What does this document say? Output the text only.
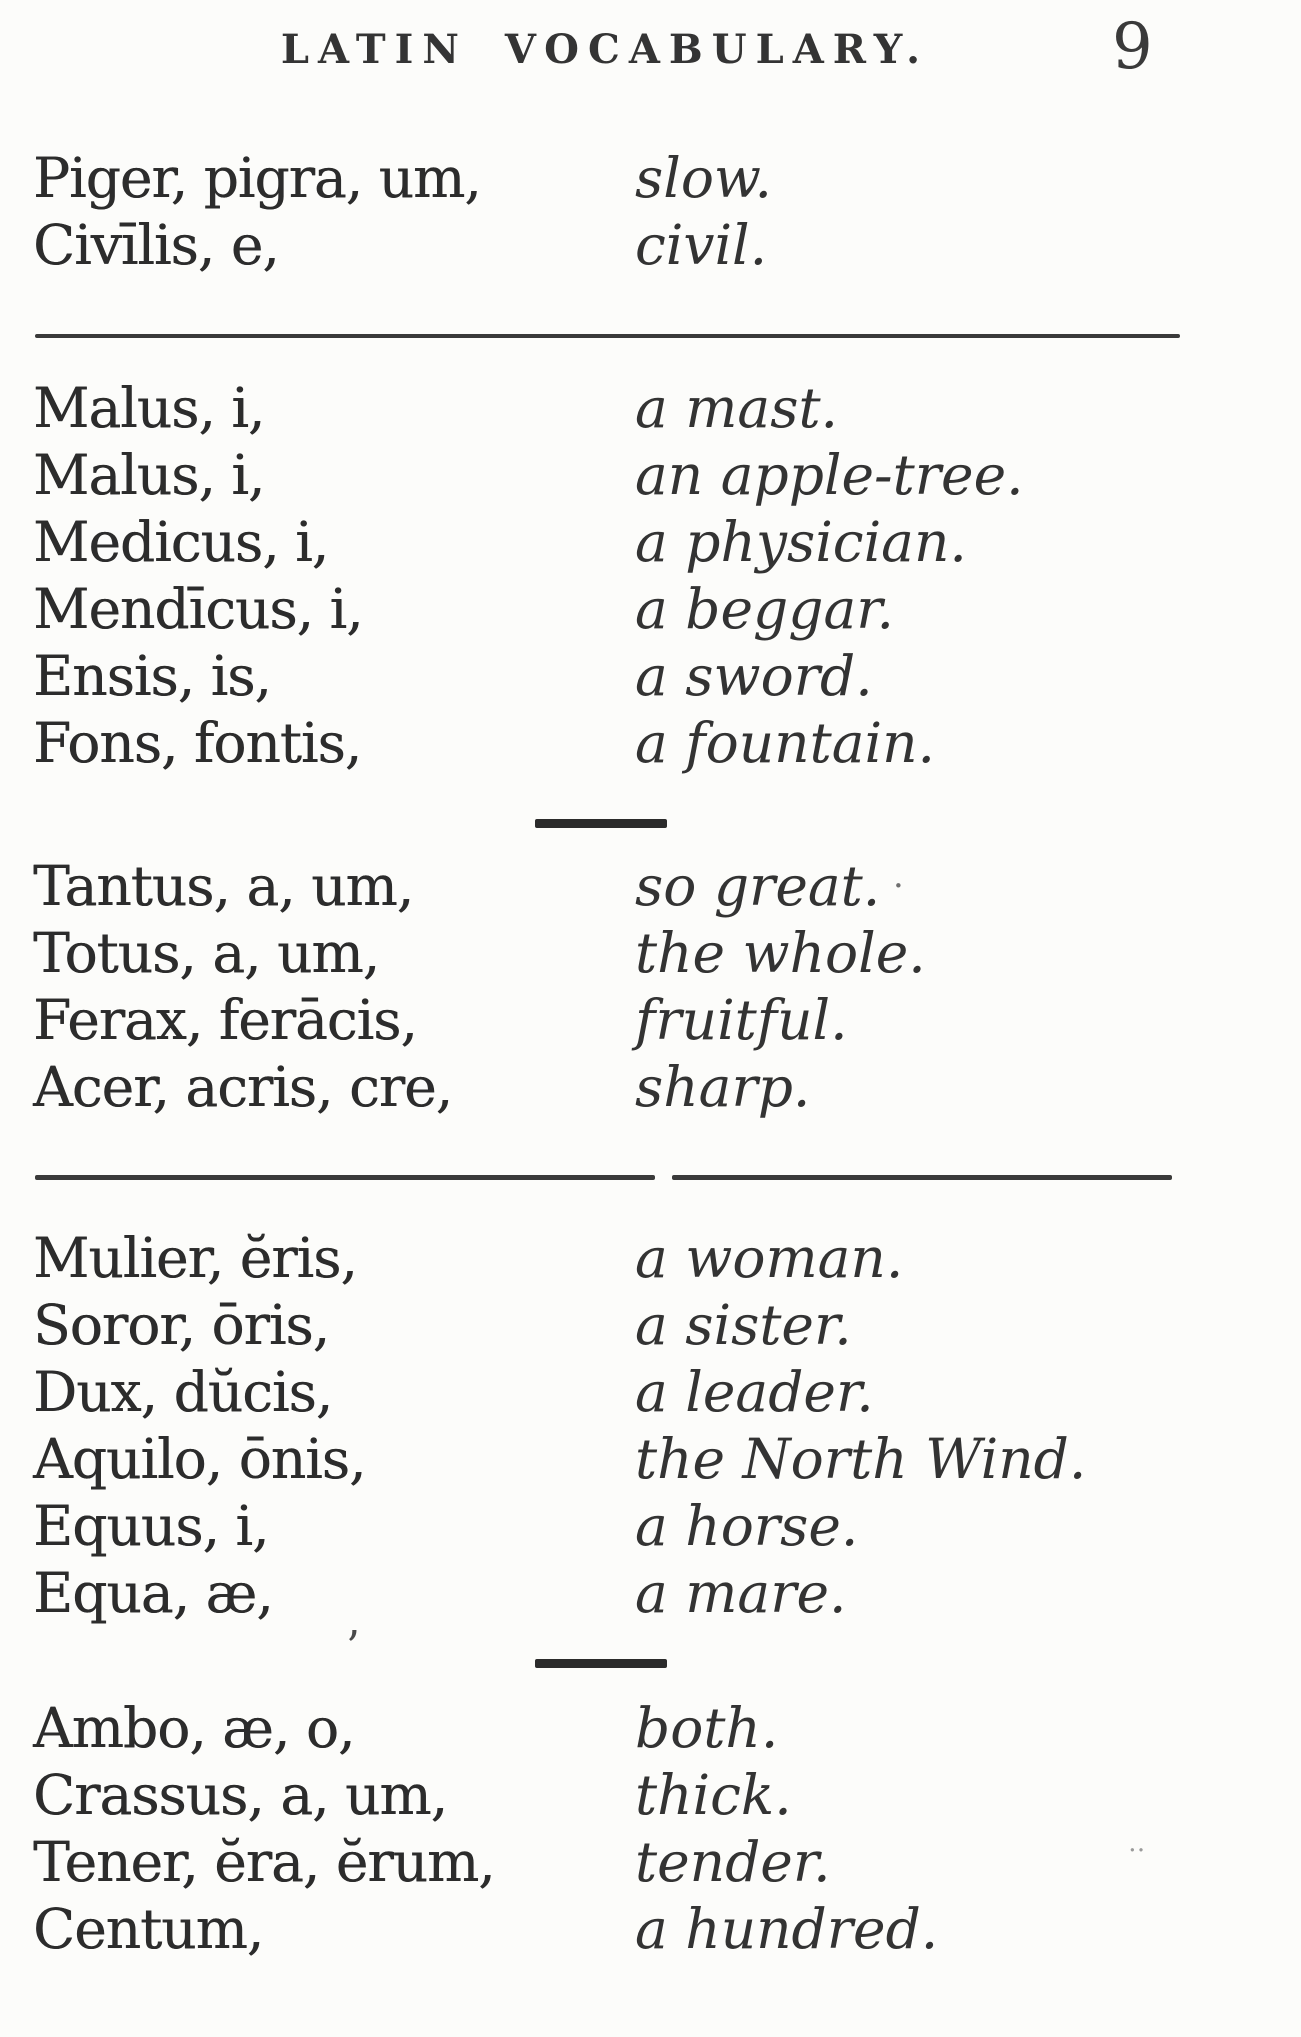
LATIN VOCABULARY.	9
Piger, pigra, um,	slow.
Civīlis, e,	civil.
Malus, i,	a mast.
Malus, i,	an apple-tree.
Medicus, i,	a physician.
Mendīcus, i,	a beggar.
Ensis, is,	a sword.
Fons, fontis,	a fountain.
Tantus, a, um,	so great.
Totus, a, um,	the whole.
Ferax, ferācis,	fruitful.
Acer, acris, cre,	sharp.
Mulier, ĕris,	a woman.
Soror, ōris,	a sister.
Dux, dŭcis,	a leader.
Aquilo, ōnis,	the North Wind.
Equus, i,	a horse.
Equa, æ,	a mare.
Ambo, æ, o,	both.
Crassus, a, um,	thick.
Tener, ĕra, ĕrum,	tender.
Centum,	a hundred.
·
’
‥
